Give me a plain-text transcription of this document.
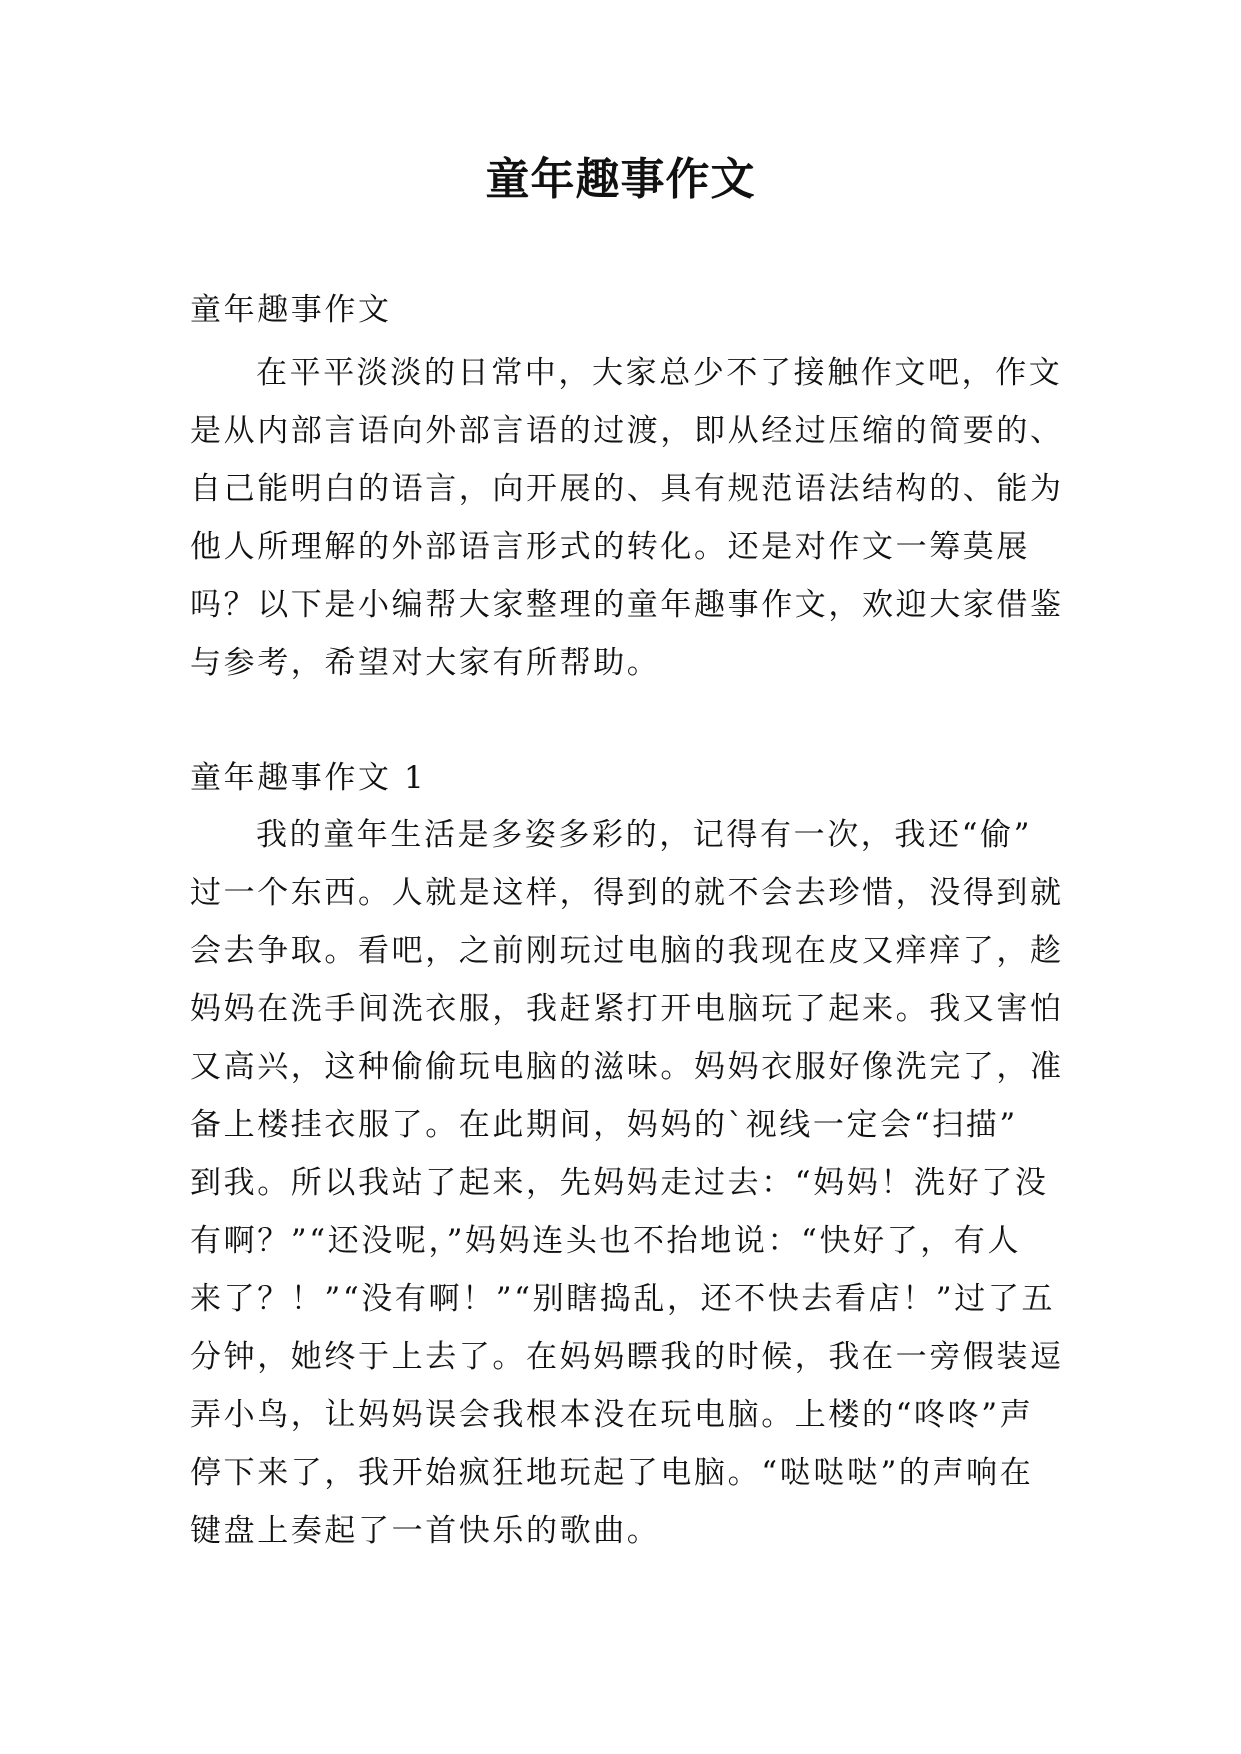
童年趣事作文

童年趣事作文

在平平淡淡的日常中，大家总少不了接触作文吧，作文

是从内部言语向外部言语的过渡，即从经过压缩的简要的、

自己能明白的语言，向开展的、具有规范语法结构的、能为

他人所理解的外部语言形式的转化。还是对作文一筹莫展

吗？以下是小编帮大家整理的童年趣事作文，欢迎大家借鉴

与参考，希望对大家有所帮助。

童年趣事作文 1

我的童年生活是多姿多彩的，记得有一次，我还“偷”

过一个东西。人就是这样，得到的就不会去珍惜，没得到就

会去争取。看吧，之前刚玩过电脑的我现在皮又痒痒了，趁

妈妈在洗手间洗衣服，我赶紧打开电脑玩了起来。我又害怕

又高兴，这种偷偷玩电脑的滋味。妈妈衣服好像洗完了，准

备上楼挂衣服了。在此期间，妈妈的`视线一定会“扫描”

到我。所以我站了起来，先妈妈走过去：“妈妈！洗好了没

有啊？”“还没呢，”妈妈连头也不抬地说：“快好了，有人

来了？！”“没有啊！”“别瞎捣乱，还不快去看店！”过了五

分钟，她终于上去了。在妈妈瞟我的时候，我在一旁假装逗

弄小鸟，让妈妈误会我根本没在玩电脑。上楼的“咚咚”声

停下来了，我开始疯狂地玩起了电脑。“哒哒哒”的声响在

键盘上奏起了一首快乐的歌曲。
